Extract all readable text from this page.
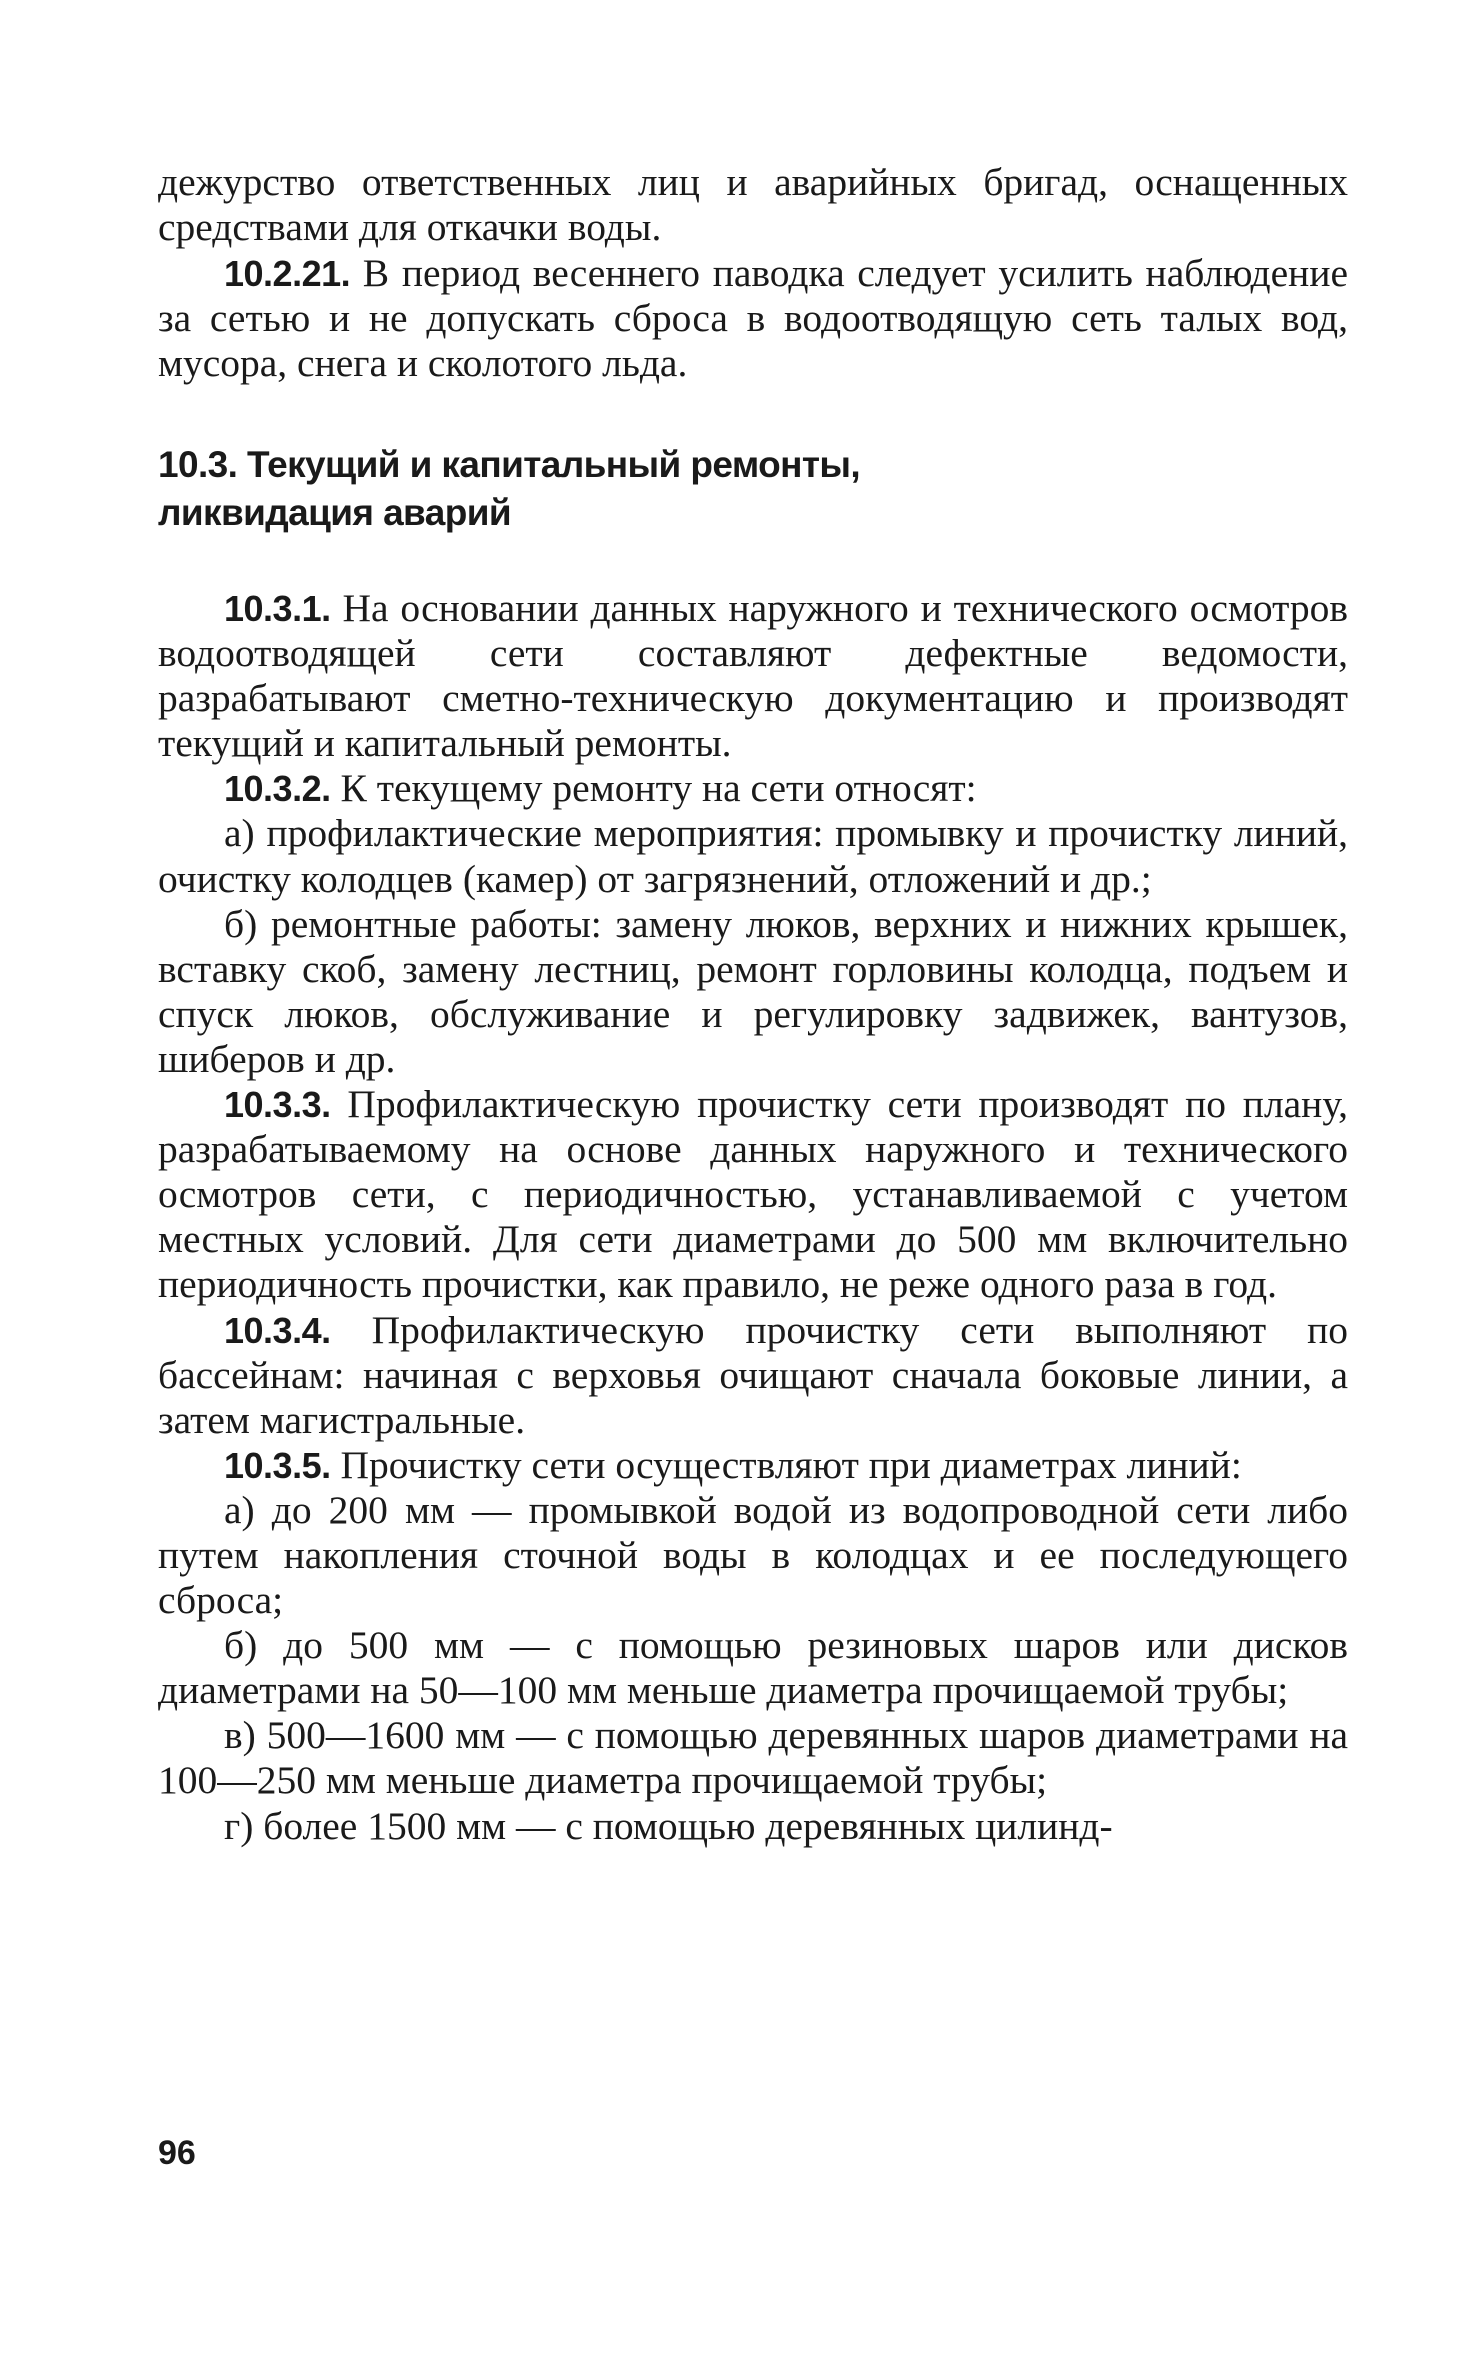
дежурство ответственных лиц и аварийных бригад, оснащенных средствами для откачки воды.

10.2.21. В период весеннего паводка следует усилить наблюдение за сетью и не допускать сброса в водоотводящую сеть талых вод, мусора, снега и сколотого льда.

10.3. Текущий и капитальный ремонты,
ликвидация аварий

10.3.1. На основании данных наружного и технического осмотров водоотводящей сети составляют дефектные ведомости, разрабатывают сметно-техническую документацию и производят текущий и капитальный ремонты.

10.3.2. К текущему ремонту на сети относят:

а) профилактические мероприятия: промывку и прочистку линий, очистку колодцев (камер) от загрязнений, отложений и др.;

б) ремонтные работы: замену люков, верхних и нижних крышек, вставку скоб, замену лестниц, ремонт горловины колодца, подъем и спуск люков, обслуживание и регулировку задвижек, вантузов, шиберов и др.

10.3.3. Профилактическую прочистку сети производят по плану, разрабатываемому на основе данных наружного и технического осмотров сети, с периодичностью, устанавливаемой с учетом местных условий. Для сети диаметрами до 500 мм включительно периодичность прочистки, как правило, не реже одного раза в год.

10.3.4. Профилактическую прочистку сети выполняют по бассейнам: начиная с верховья очищают сначала боковые линии, а затем магистральные.

10.3.5. Прочистку сети осуществляют при диаметрах линий:

а) до 200 мм — промывкой водой из водопроводной сети либо путем накопления сточной воды в колодцах и ее последующего сброса;

б) до 500 мм — с помощью резиновых шаров или дисков диаметрами на 50—100 мм меньше диаметра прочищаемой трубы;

в) 500—1600 мм — с помощью деревянных шаров диаметрами на 100—250 мм меньше диаметра прочищаемой трубы;

г) более 1500 мм — с помощью деревянных цилинд-

96
